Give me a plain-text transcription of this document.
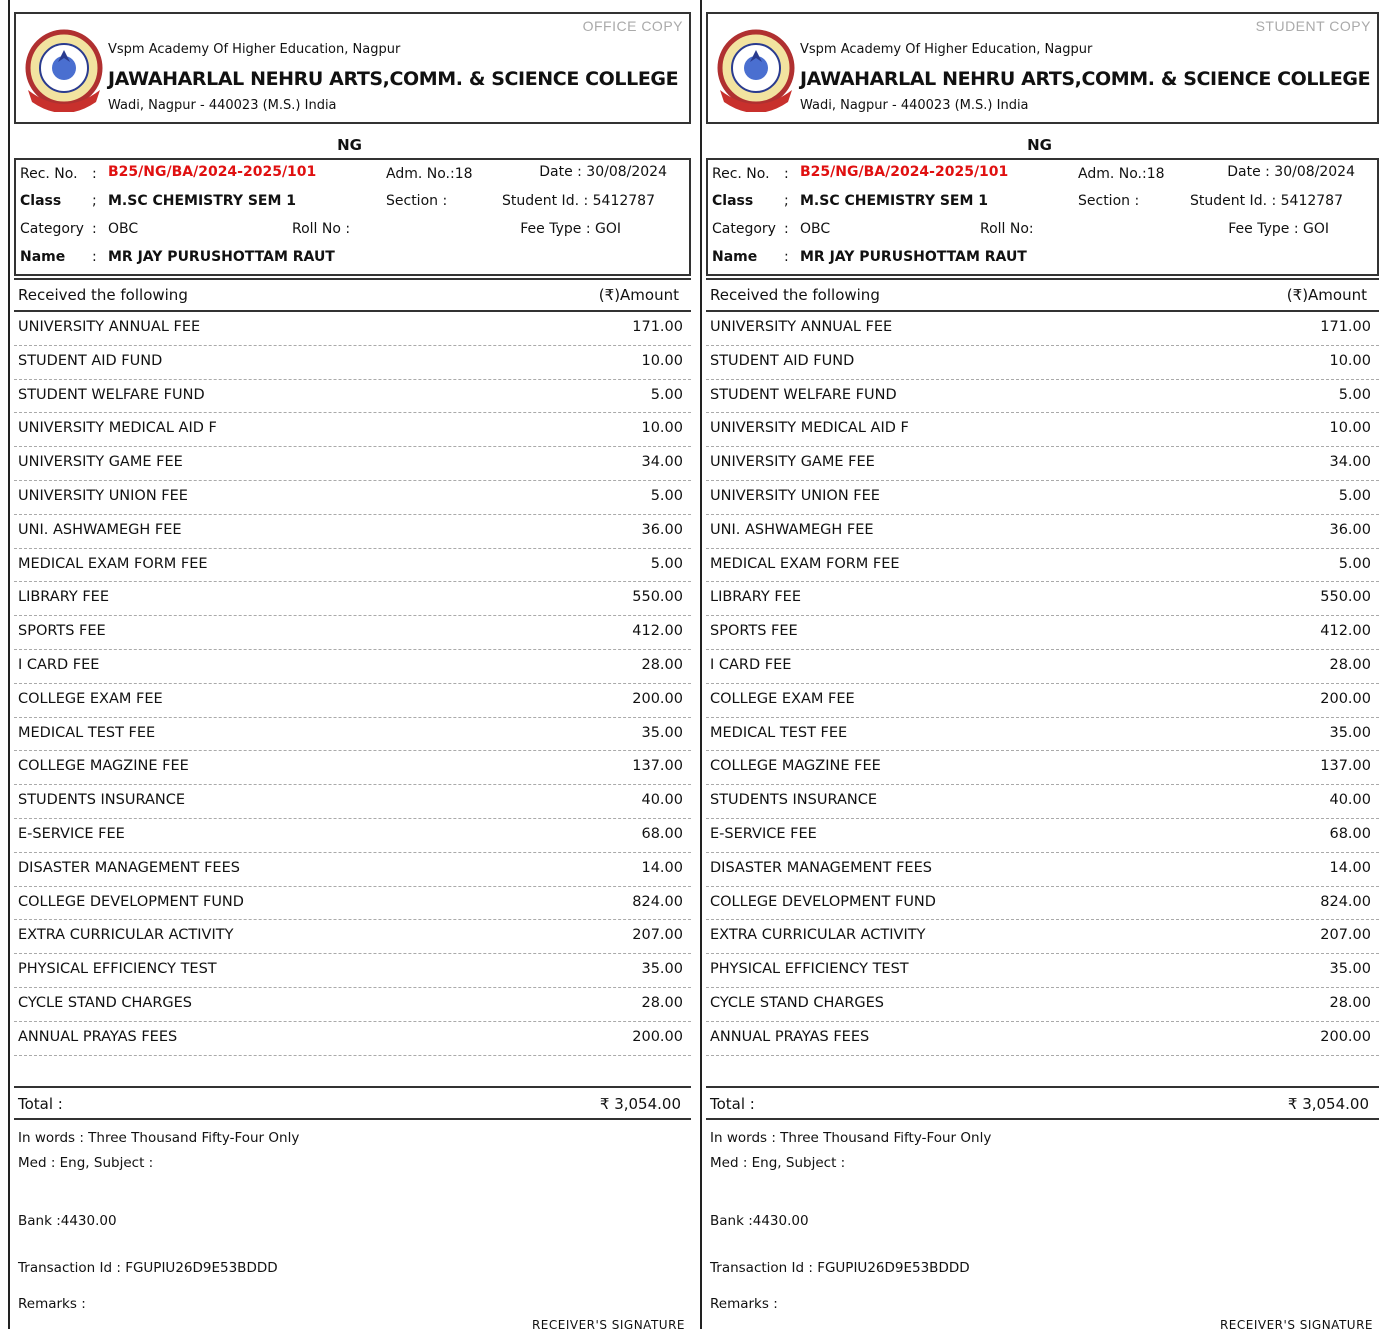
OFFICE COPY
Vspm Academy Of Higher Education, Nagpur
JAWAHARLAL NEHRU ARTS,COMM. & SCIENCE COLLEGE
Wadi, Nagpur - 440023 (M.S.) India
NG
Rec. No. : B25/NG/BA/2024-2025/101	Adm. No.:18	Date : 30/08/2024
Class ; M.SC CHEMISTRY SEM 1	Section :	Student Id. : 5412787
Category : OBC	Roll No :	Fee Type : GOI
Name : MR JAY PURUSHOTTAM RAUT
Received the following	(₹)Amount
UNIVERSITY ANNUAL FEE	171.00
STUDENT AID FUND	10.00
STUDENT WELFARE FUND	5.00
UNIVERSITY MEDICAL AID F	10.00
UNIVERSITY GAME FEE	34.00
UNIVERSITY UNION FEE	5.00
UNI. ASHWAMEGH FEE	36.00
MEDICAL EXAM FORM FEE	5.00
LIBRARY FEE	550.00
SPORTS FEE	412.00
I CARD FEE	28.00
COLLEGE EXAM FEE	200.00
MEDICAL TEST FEE	35.00
COLLEGE MAGZINE FEE	137.00
STUDENTS INSURANCE	40.00
E-SERVICE FEE	68.00
DISASTER MANAGEMENT FEES	14.00
COLLEGE DEVELOPMENT FUND	824.00
EXTRA CURRICULAR ACTIVITY	207.00
PHYSICAL EFFICIENCY TEST	35.00
CYCLE STAND CHARGES	28.00
ANNUAL PRAYAS FEES	200.00
Total :	₹ 3,054.00
In words : Three Thousand Fifty-Four Only
Med : Eng, Subject :
Bank :4430.00
Transaction Id : FGUPIU26D9E53BDDD
Remarks :
RECEIVER'S SIGNATURE
STUDENT COPY
Vspm Academy Of Higher Education, Nagpur
JAWAHARLAL NEHRU ARTS,COMM. & SCIENCE COLLEGE
Wadi, Nagpur - 440023 (M.S.) India
NG
Rec. No. : B25/NG/BA/2024-2025/101	Adm. No.:18	Date : 30/08/2024
Class ; M.SC CHEMISTRY SEM 1	Section :	Student Id. : 5412787
Category : OBC	Roll No:	Fee Type : GOI
Name : MR JAY PURUSHOTTAM RAUT
Received the following	(₹)Amount
UNIVERSITY ANNUAL FEE	171.00
STUDENT AID FUND	10.00
STUDENT WELFARE FUND	5.00
UNIVERSITY MEDICAL AID F	10.00
UNIVERSITY GAME FEE	34.00
UNIVERSITY UNION FEE	5.00
UNI. ASHWAMEGH FEE	36.00
MEDICAL EXAM FORM FEE	5.00
LIBRARY FEE	550.00
SPORTS FEE	412.00
I CARD FEE	28.00
COLLEGE EXAM FEE	200.00
MEDICAL TEST FEE	35.00
COLLEGE MAGZINE FEE	137.00
STUDENTS INSURANCE	40.00
E-SERVICE FEE	68.00
DISASTER MANAGEMENT FEES	14.00
COLLEGE DEVELOPMENT FUND	824.00
EXTRA CURRICULAR ACTIVITY	207.00
PHYSICAL EFFICIENCY TEST	35.00
CYCLE STAND CHARGES	28.00
ANNUAL PRAYAS FEES	200.00
Total :	₹ 3,054.00
In words : Three Thousand Fifty-Four Only
Med : Eng, Subject :
Bank :4430.00
Transaction Id : FGUPIU26D9E53BDDD
Remarks :
RECEIVER'S SIGNATURE
